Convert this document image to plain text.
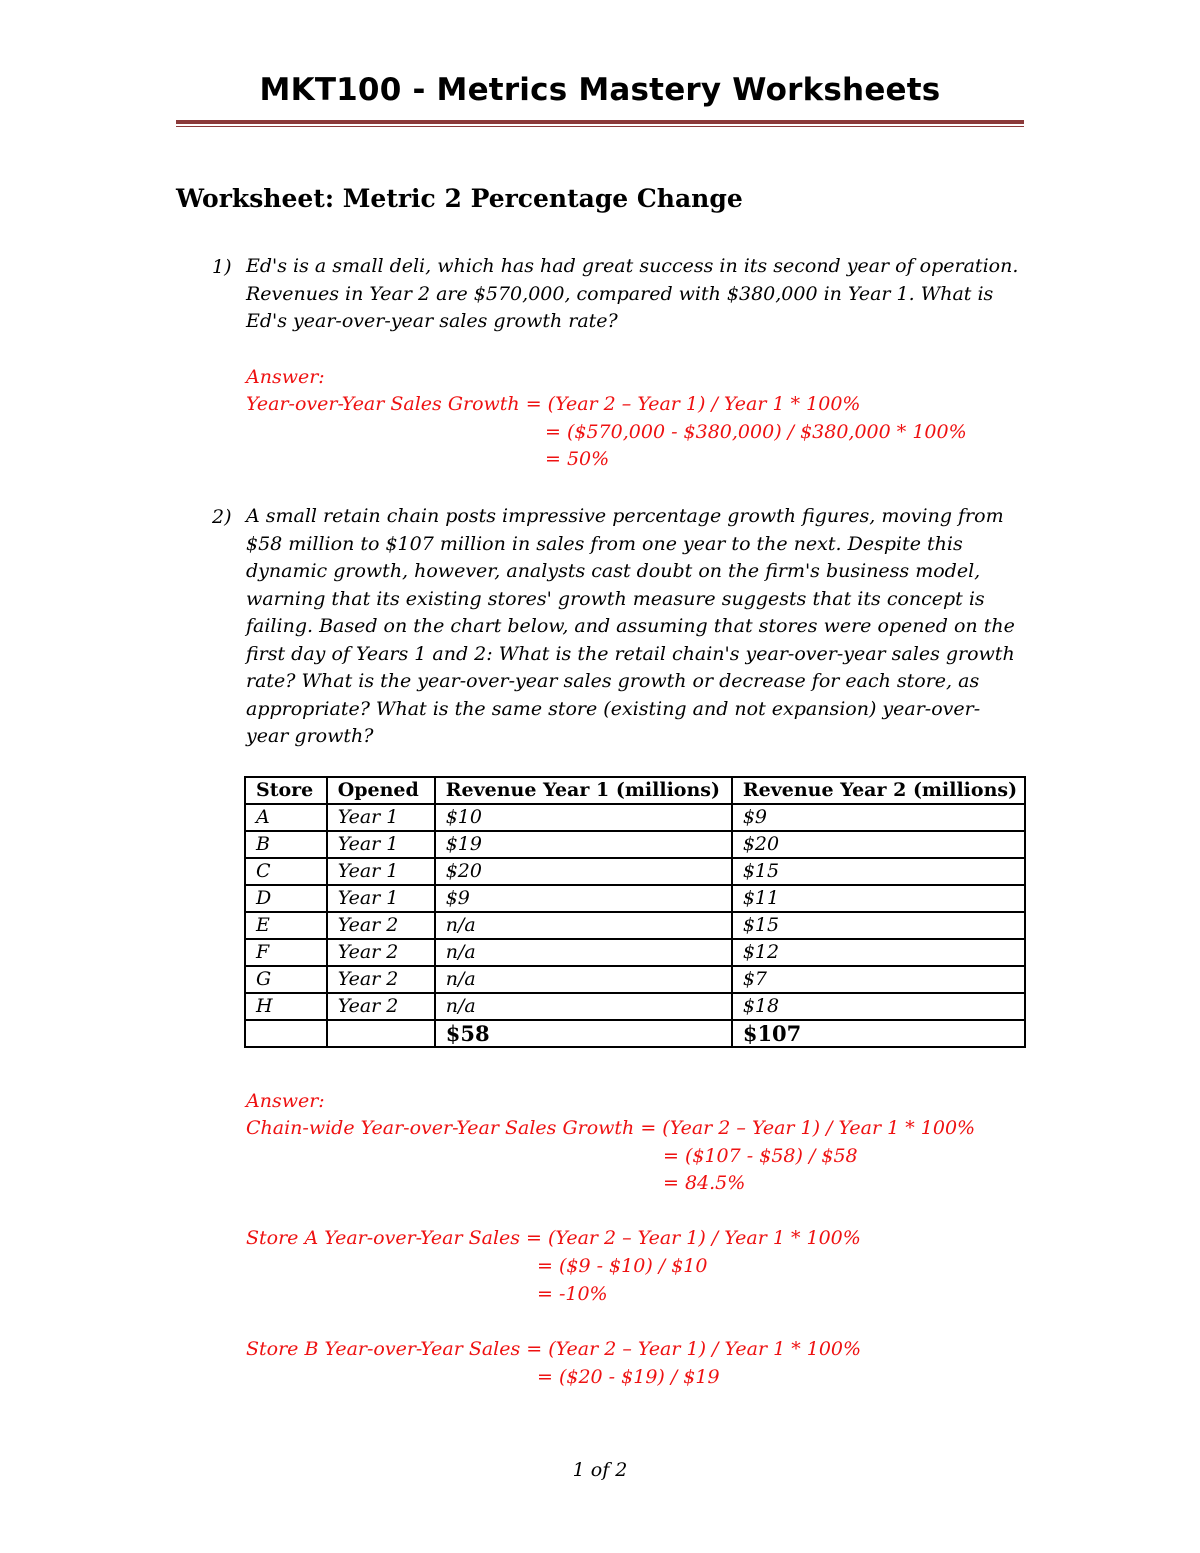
MKT100 - Metrics Mastery Worksheets
Worksheet: Metric 2 Percentage Change
1) Ed's is a small deli, which has had great success in its second year of operation.
Revenues in Year 2 are $570,000, compared with $380,000 in Year 1. What is
Ed's year-over-year sales growth rate?
Answer:
Year-over-Year Sales Growth = (Year 2 – Year 1) / Year 1 * 100%
= ($570,000 - $380,000) / $380,000 * 100%
= 50%
2) A small retain chain posts impressive percentage growth figures, moving from
$58 million to $107 million in sales from one year to the next. Despite this
dynamic growth, however, analysts cast doubt on the firm's business model,
warning that its existing stores' growth measure suggests that its concept is
failing. Based on the chart below, and assuming that stores were opened on the
first day of Years 1 and 2: What is the retail chain's year-over-year sales growth
rate? What is the year-over-year sales growth or decrease for each store, as
appropriate? What is the same store (existing and not expansion) year-over-
year growth?
Store	Opened	Revenue Year 1 (millions)	Revenue Year 2 (millions)
A	Year 1	$10	$9
B	Year 1	$19	$20
C	Year 1	$20	$15
D	Year 1	$9	$11
E	Year 2	n/a	$15
F	Year 2	n/a	$12
G	Year 2	n/a	$7
H	Year 2	n/a	$18
		$58	$107
Answer:
Chain-wide Year-over-Year Sales Growth = (Year 2 – Year 1) / Year 1 * 100%
= ($107 - $58) / $58
= 84.5%
Store A Year-over-Year Sales = (Year 2 – Year 1) / Year 1 * 100%
= ($9 - $10) / $10
= -10%
Store B Year-over-Year Sales = (Year 2 – Year 1) / Year 1 * 100%
= ($20 - $19) / $19
1 of 2
